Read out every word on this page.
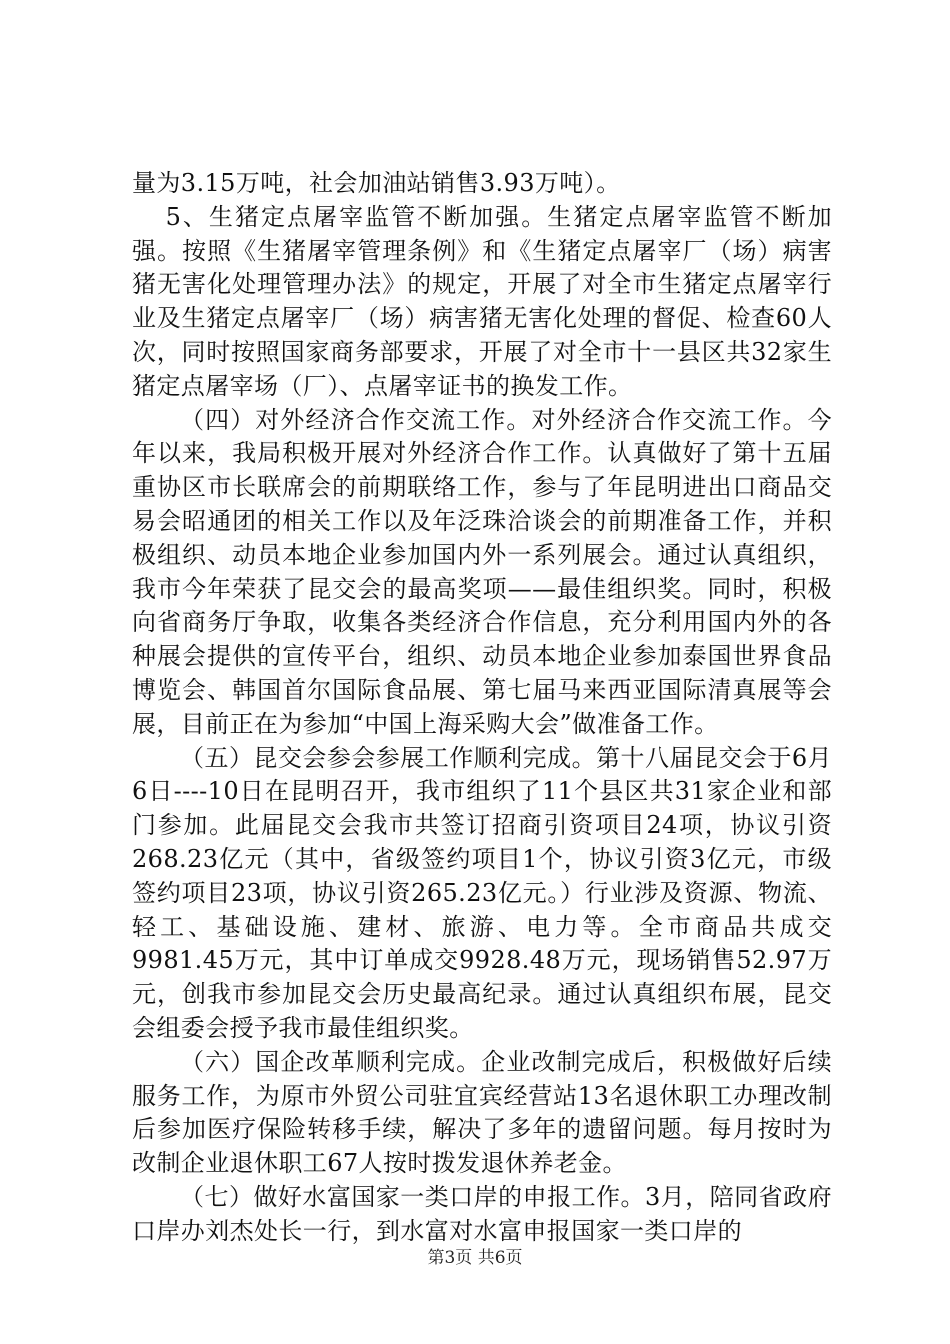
量为3.15万吨，社会加油站销售3.93万吨）。

5、生猪定点屠宰监管不断加强。生猪定点屠宰监管不断加强。按照《生猪屠宰管理条例》和《生猪定点屠宰厂（场）病害猪无害化处理管理办法》的规定，开展了对全市生猪定点屠宰行业及生猪定点屠宰厂（场）病害猪无害化处理的督促、检查60人次，同时按照国家商务部要求，开展了对全市十一县区共32家生猪定点屠宰场（厂）、点屠宰证书的换发工作。

（四）对外经济合作交流工作。对外经济合作交流工作。今年以来，我局积极开展对外经济合作工作。认真做好了第十五届重协区市长联席会的前期联络工作，参与了年昆明进出口商品交易会昭通团的相关工作以及年泛珠洽谈会的前期准备工作，并积极组织、动员本地企业参加国内外一系列展会。通过认真组织，我市今年荣获了昆交会的最高奖项——最佳组织奖。同时，积极向省商务厅争取，收集各类经济合作信息，充分利用国内外的各种展会提供的宣传平台，组织、动员本地企业参加泰国世界食品博览会、韩国首尔国际食品展、第七届马来西亚国际清真展等会展，目前正在为参加“中国上海采购大会”做准备工作。

（五）昆交会参会参展工作顺利完成。第十八届昆交会于6月6日----10日在昆明召开，我市组织了11个县区共31家企业和部门参加。此届昆交会我市共签订招商引资项目24项，协议引资268.23亿元（其中，省级签约项目1个，协议引资3亿元，市级签约项目23项，协议引资265.23亿元。）行业涉及资源、物流、轻工、基础设施、建材、旅游、电力等。全市商品共成交9981.45万元，其中订单成交9928.48万元，现场销售52.97万元，创我市参加昆交会历史最高纪录。通过认真组织布展，昆交会组委会授予我市最佳组织奖。

（六）国企改革顺利完成。企业改制完成后，积极做好后续服务工作，为原市外贸公司驻宜宾经营站13名退休职工办理改制后参加医疗保险转移手续，解决了多年的遗留问题。每月按时为改制企业退休职工67人按时拨发退休养老金。

（七）做好水富国家一类口岸的申报工作。3月，陪同省政府口岸办刘杰处长一行，到水富对水富申报国家一类口岸的

第3页 共6页
